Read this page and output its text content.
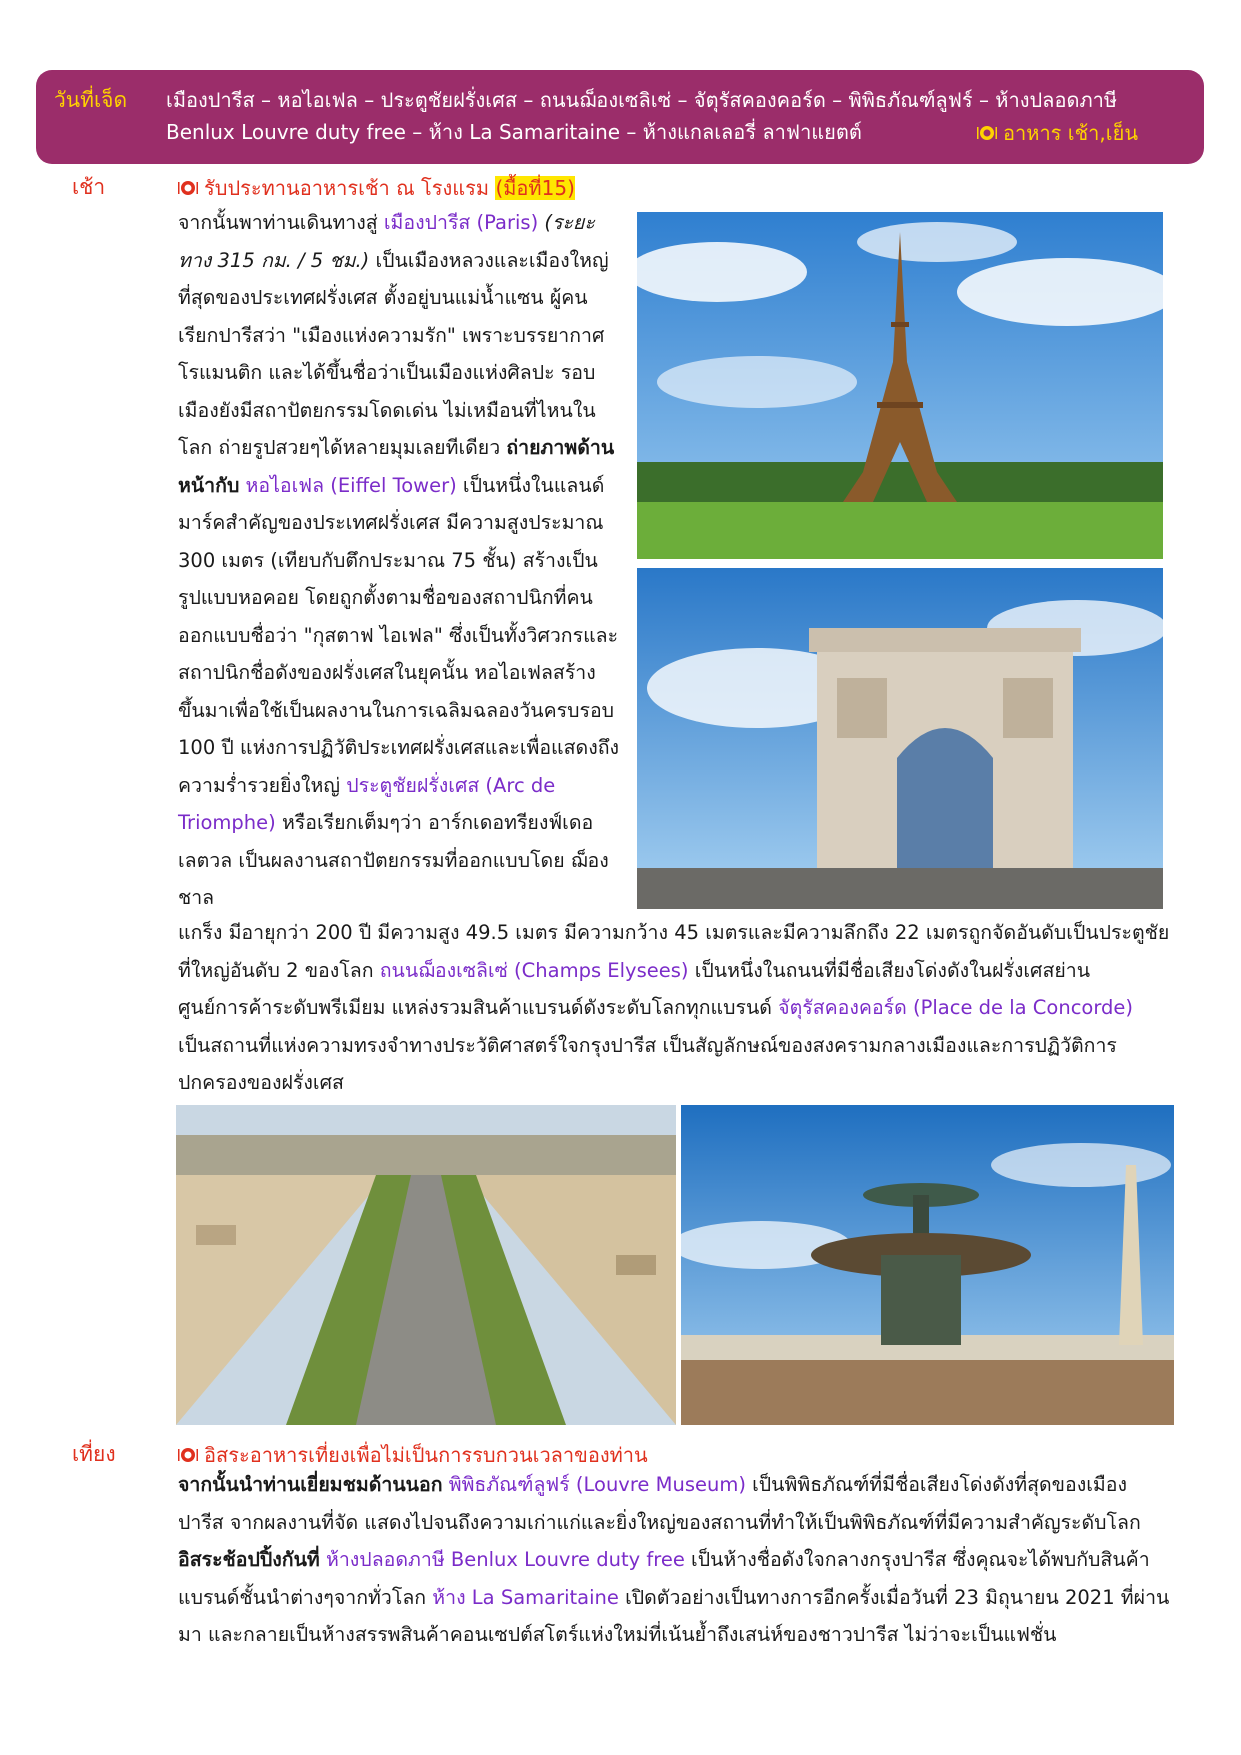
วันที่เจ็ด เมืองปารีส – หอไอเฟล – ประตูชัยฝรั่งเศส – ถนนฌ็องเซลิเซ่ – จัตุรัสคองคอร์ด – พิพิธภัณฑ์ลูฟร์ – ห้างปลอดภาษี
Benlux Louvre duty free – ห้าง La Samaritaine – ห้างแกลเลอรี่ ลาฟาแยตต์	อาหาร เช้า,เย็น
เช้า	รับประทานอาหารเช้า ณ โรงแรม (มื้อที่15)
จากนั้นพาท่านเดินทางสู่ เมืองปารีส (Paris) (ระยะทาง 315 กม. / 5 ชม.) เป็นเมืองหลวงและเมืองใหญ่ที่สุดของประเทศฝรั่งเศส ตั้งอยู่บนแม่น้ำแซน ผู้คนเรียกปารีสว่า "เมืองแห่งความรัก" เพราะบรรยากาศโรแมนติก และได้ขึ้นชื่อว่าเป็นเมืองแห่งศิลปะ รอบเมืองยังมีสถาปัตยกรรมโดดเด่น ไม่เหมือนที่ไหนในโลก ถ่ายรูปสวยๆได้หลายมุมเลยทีเดียว ถ่ายภาพด้านหน้ากับ หอไอเฟล (Eiffel Tower) เป็นหนึ่งในแลนด์มาร์คสำคัญของประเทศฝรั่งเศส มีความสูงประมาณ 300 เมตร (เทียบกับตึกประมาณ 75 ชั้น) สร้างเป็นรูปแบบหอคอย โดยถูกตั้งตามชื่อของสถาปนิกที่คนออกแบบชื่อว่า "กุสตาฟ ไอเฟล" ซึ่งเป็นทั้งวิศวกรและสถาปนิกชื่อดังของฝรั่งเศสในยุคนั้น หอไอเฟลสร้างขึ้นมาเพื่อใช้เป็นผลงานในการเฉลิมฉลองวันครบรอบ 100 ปี แห่งการปฏิวัติประเทศฝรั่งเศสและเพื่อแสดงถึงความร่ำรวยยิ่งใหญ่ ประตูชัยฝรั่งเศส (Arc de Triomphe) หรือเรียกเต็มๆว่า อาร์กเดอทรียงฟ์เดอเลตวล เป็นผลงานสถาปัตยกรรมที่ออกแบบโดย ฌ็อง ชาล
แกร็ง มีอายุกว่า 200 ปี มีความสูง 49.5 เมตร มีความกว้าง 45 เมตรและมีความลึกถึง 22 เมตรถูกจัดอันดับเป็นประตูชัยที่ใหญ่อันดับ 2 ของโลก ถนนฌ็องเซลิเซ่ (Champs Elysees) เป็นหนึ่งในถนนที่มีชื่อเสียงโด่งดังในฝรั่งเศสย่านศูนย์การค้าระดับพรีเมียม แหล่งรวมสินค้าแบรนด์ดังระดับโลกทุกแบรนด์ จัตุรัสคองคอร์ด (Place de la Concorde) เป็นสถานที่แห่งความทรงจำทางประวัติศาสตร์ใจกรุงปารีส เป็นสัญลักษณ์ของสงครามกลางเมืองและการปฏิวัติการปกครองของฝรั่งเศส
เที่ยง	อิสระอาหารเที่ยงเพื่อไม่เป็นการรบกวนเวลาของท่าน
จากนั้นนำท่านเยี่ยมชมด้านนอก พิพิธภัณฑ์ลูฟร์ (Louvre Museum) เป็นพิพิธภัณฑ์ที่มีชื่อเสียงโด่งดังที่สุดของเมืองปารีส จากผลงานที่จัด แสดงไปจนถึงความเก่าแก่และยิ่งใหญ่ของสถานที่ทำให้เป็นพิพิธภัณฑ์ที่มีความสำคัญระดับโลก อิสระช้อปปิ้งกันที่ ห้างปลอดภาษี Benlux Louvre duty free เป็นห้างชื่อดังใจกลางกรุงปารีส ซึ่งคุณจะได้พบกับสินค้าแบรนด์ชั้นนำต่างๆจากทั่วโลก ห้าง La Samaritaine เปิดตัวอย่างเป็นทางการอีกครั้งเมื่อวันที่ 23 มิถุนายน 2021 ที่ผ่านมา และกลายเป็นห้างสรรพสินค้าคอนเซปต์สโตร์แห่งใหม่ที่เน้นย้ำถึงเสน่ห์ของชาวปารีส ไม่ว่าจะเป็นแฟชั่น
